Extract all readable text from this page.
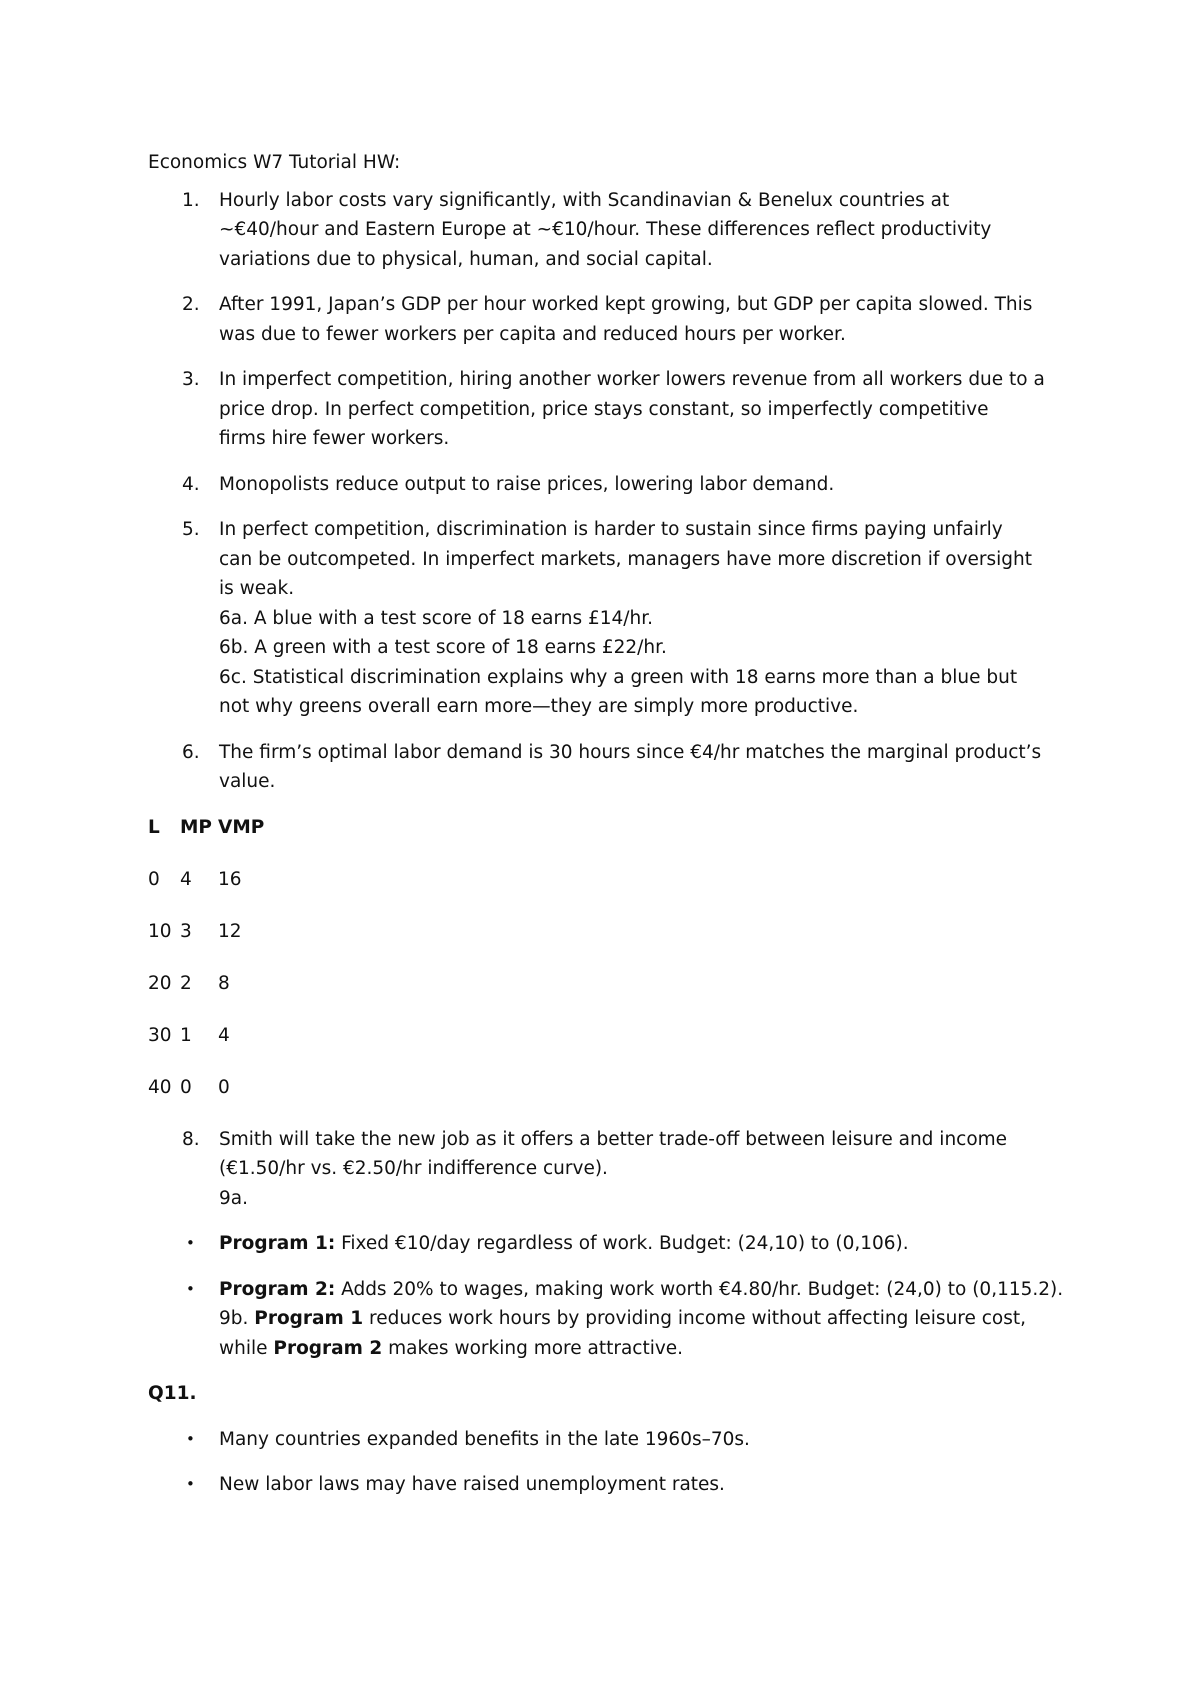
Economics W7 Tutorial HW:

1. Hourly labor costs vary significantly, with Scandinavian & Benelux countries at
~€40/hour and Eastern Europe at ~€10/hour. These differences reflect productivity
variations due to physical, human, and social capital.
2. After 1991, Japan’s GDP per hour worked kept growing, but GDP per capita slowed. This
was due to fewer workers per capita and reduced hours per worker.
3. In imperfect competition, hiring another worker lowers revenue from all workers due to a
price drop. In perfect competition, price stays constant, so imperfectly competitive
firms hire fewer workers.
4. Monopolists reduce output to raise prices, lowering labor demand.
5. In perfect competition, discrimination is harder to sustain since firms paying unfairly
can be outcompeted. In imperfect markets, managers have more discretion if oversight
is weak.
6a. A blue with a test score of 18 earns £14/hr.
6b. A green with a test score of 18 earns £22/hr.
6c. Statistical discrimination explains why a green with 18 earns more than a blue but
not why greens overall earn more—they are simply more productive.
6. The firm’s optimal labor demand is 30 hours since €4/hr matches the marginal product’s
value.
L	MP VMP
0	4	16
10 3	12
20 2	8
30 1	4
40 0	0
8. Smith will take the new job as it offers a better trade-off between leisure and income
(€1.50/hr vs. €2.50/hr indifference curve).
9a.
• Program 1: Fixed €10/day regardless of work. Budget: (24,10) to (0,106).
• Program 2: Adds 20% to wages, making work worth €4.80/hr. Budget: (24,0) to (0,115.2).
9b. Program 1 reduces work hours by providing income without affecting leisure cost,
while Program 2 makes working more attractive.

Q11.

• Many countries expanded benefits in the late 1960s–70s.
• New labor laws may have raised unemployment rates.
